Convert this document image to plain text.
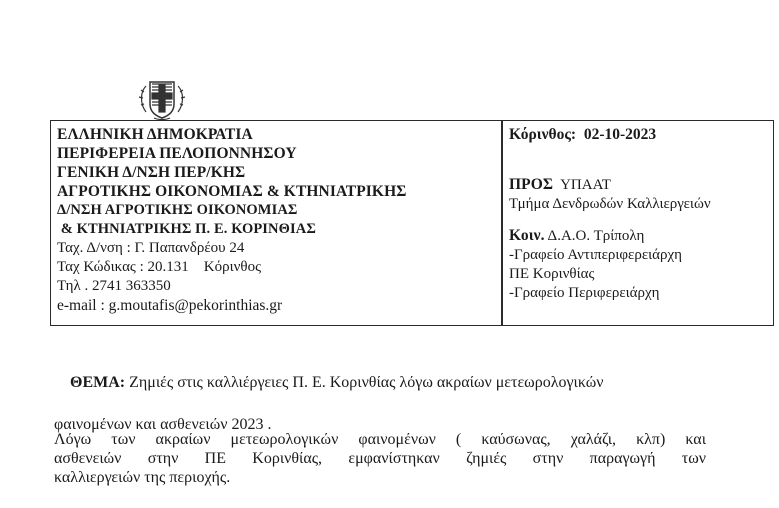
ΕΛΛΗΝΙΚΗ ΔΗΜΟΚΡΑΤΙΑ
ΠΕΡΙΦΕΡΕΙΑ ΠΕΛΟΠΟΝΝΗΣΟΥ
ΓΕΝΙΚΗ Δ/ΝΣΗ ΠΕΡ/ΚΗΣ
ΑΓΡΟΤΙΚΗΣ ΟΙΚΟΝΟΜΙΑΣ & ΚΤΗΝΙΑΤΡΙΚΗΣ
Δ/ΝΣΗ ΑΓΡΟΤΙΚΗΣ ΟΙΚΟΝΟΜΙΑΣ
& ΚΤΗΝΙΑΤΡΙΚΗΣ Π. Ε. ΚΟΡΙΝΘΙΑΣ
Ταχ. Δ/νση : Γ. Παπανδρέου 24
Ταχ Κώδικας : 20.131    Κόρινθος
Τηλ . 2741 363350
e-mail : g.moutafis@pekorinthias.gr
Κόρινθος:  02-10-2023
ΠΡΟΣ  ΥΠΑΑΤ
Τμήμα Δενδρωδών Καλλιεργειών
Κοιν. Δ.Α.Ο. Τρίπολη
-Γραφείο Αντιπεριφερειάρχη
ΠΕ Κορινθίας
-Γραφείο Περιφερειάρχη

ΘΕΜΑ: Ζημιές στις καλλιέργειες Π. Ε. Κορινθίας λόγω ακραίων μετεωρολογικών

φαινομένων και ασθενειών 2023 .
Λόγω των ακραίων μετεωρολογικών φαινομένων ( καύσωνας, χαλάζι, κλπ) και
ασθενειών στην ΠΕ Κορινθίας, εμφανίστηκαν ζημιές στην παραγωγή των
καλλιεργειών της περιοχής.
